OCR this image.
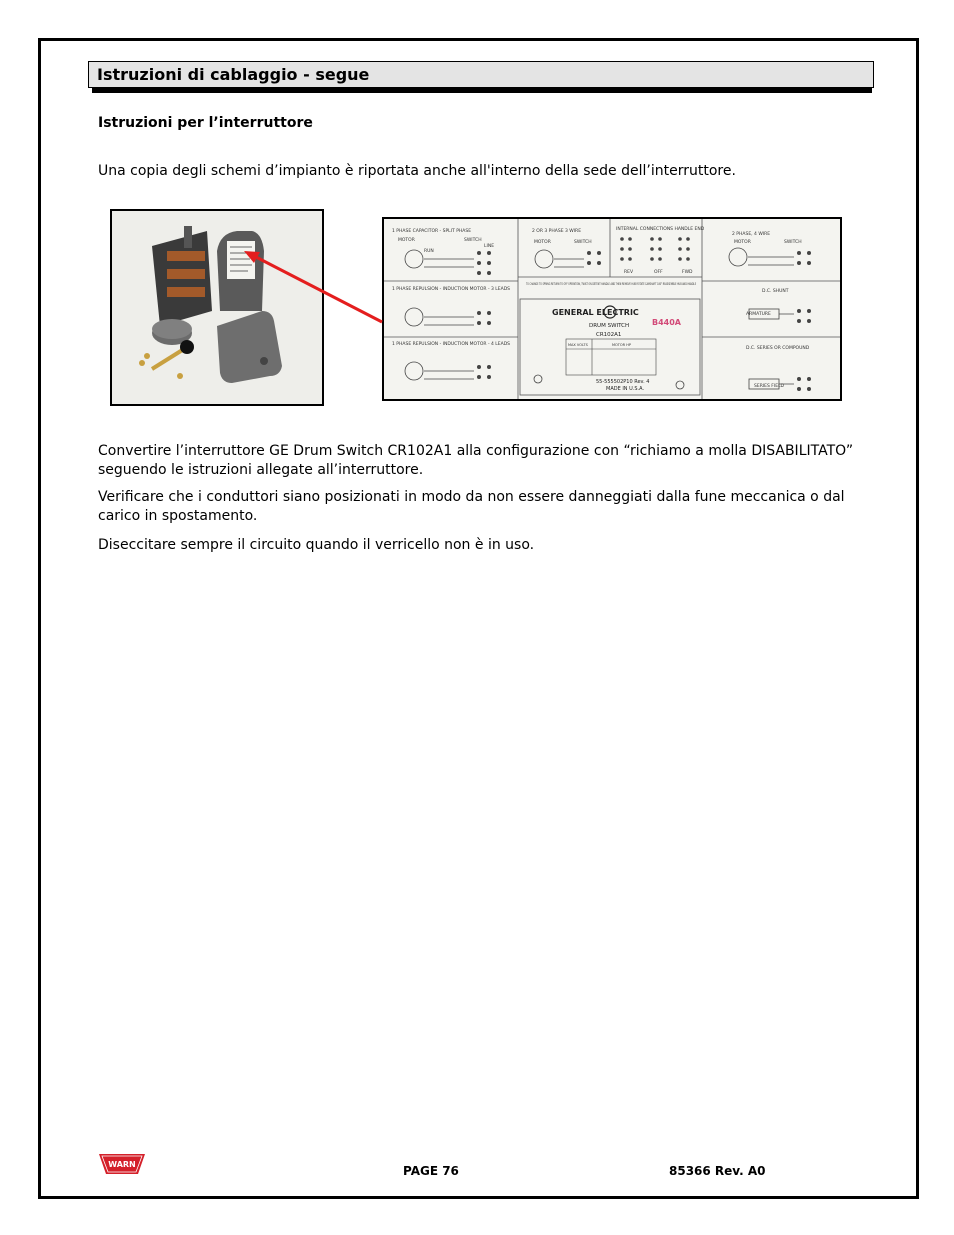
Istruzioni di cablaggio - segue
Istruzioni per l’interruttore
Una copia degli schemi d’impianto è riportata anche all'interno della sede dell’interruttore.
1 PHASE CAPACITOR - SPLIT PHASE	2 OR 3 PHASE 3 WIRE	INTERNAL CONNECTIONS HANDLE END
2 PHASE, 4 WIRE
1 PHASE REPULSION - INDUCTION MOTOR - 3 LEADS	D.C. SHUNT
1 PHASE REPULSION - INDUCTION MOTOR - 4 LEADS
D.C. SERIES OR COMPOUND
MOTOR	SWITCH
LINE
MOTOR	SWITCH	MOTOR	SWITCH
RUN
REV	OFF	FWD
ARMATURE
SERIES FIELD
TO CHANGE TO SPRING RETURN TO OFF OPERATION, TWIST ON DETENT HANDLE AND THEN REMOVE HUB ROTATE CAMSHAFT 180° REASSEMBLE HUB AND HANDLE
GENERAL ELECTRIC
DRUM SWITCH
CR102A1
B440A
MAX VOLTS	MOTOR HP
55-555502P10 Rev. 4
MADE IN U.S.A.
Convertire l’interruttore GE Drum Switch CR102A1 alla configurazione con “richiamo a molla DISABILITATO” seguendo le istruzioni allegate all’interruttore.
Verificare che i conduttori siano posizionati in modo da non essere danneggiati dalla fune meccanica o dal carico in spostamento.
Diseccitare sempre il circuito quando il verricello non è in uso.
WARN	PAGE 76	85366 Rev. A0
